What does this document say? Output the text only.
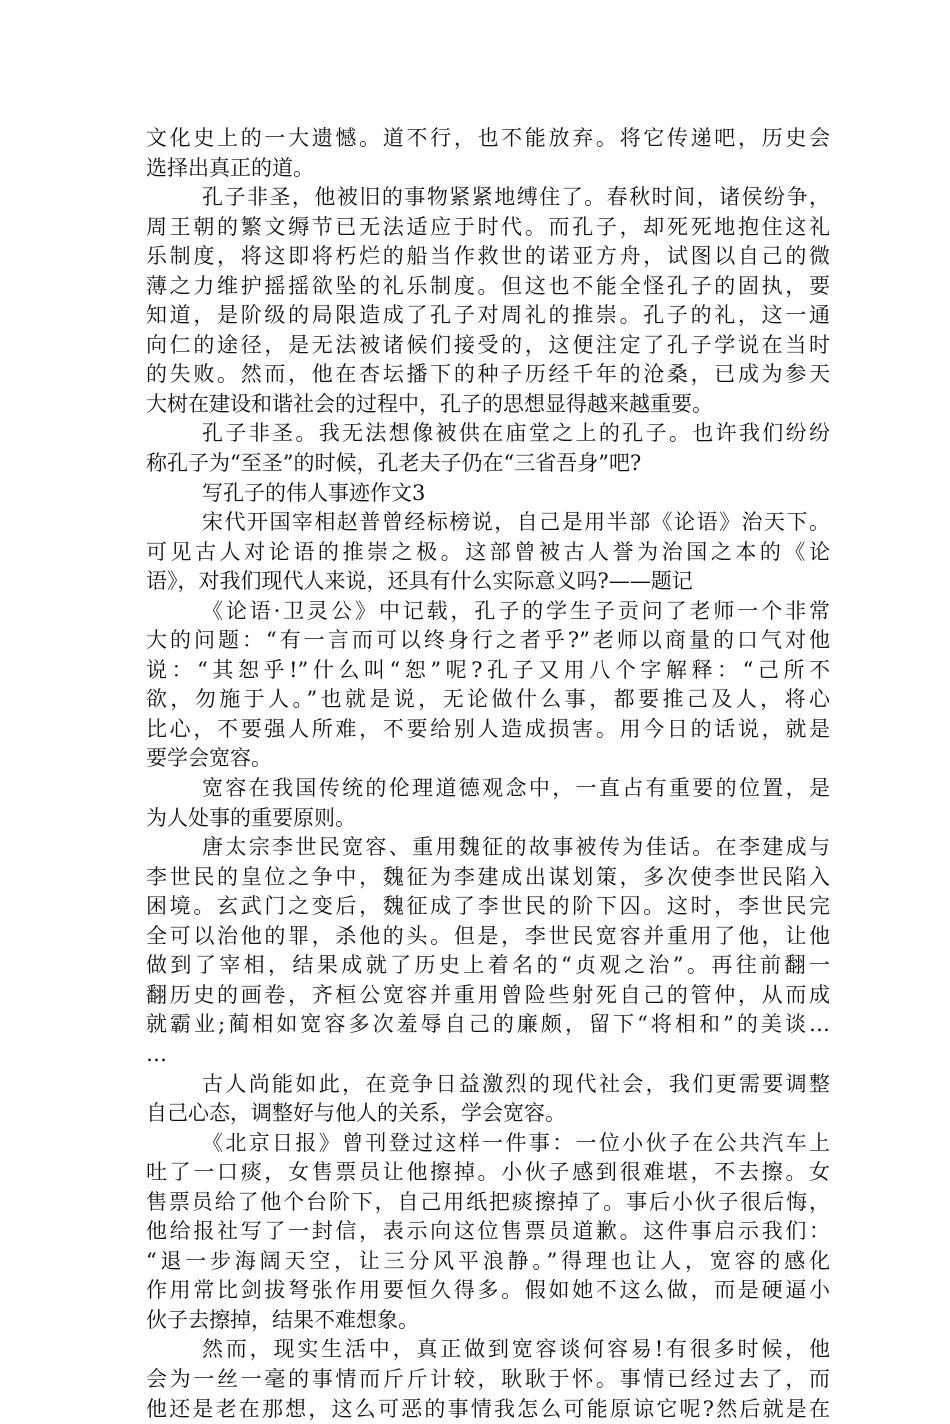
文化史上的一大遗憾。道不行，也不能放弃。将它传递吧，历史会
选择出真正的道。
孔子非圣，他被旧的事物紧紧地缚住了。春秋时间，诸侯纷争，
周王朝的繁文缛节已无法适应于时代。而孔子，却死死地抱住这礼
乐制度，将这即将朽烂的船当作救世的诺亚方舟，试图以自己的微
薄之力维护摇摇欲坠的礼乐制度。但这也不能全怪孔子的固执，要
知道，是阶级的局限造成了孔子对周礼的推崇。孔子的礼，这一通
向仁的途径，是无法被诸候们接受的，这便注定了孔子学说在当时
的失败。然而，他在杏坛播下的种子历经千年的沧桑，已成为参天
大树在建设和谐社会的过程中，孔子的思想显得越来越重要。
孔子非圣。我无法想像被供在庙堂之上的孔子。也许我们纷纷
称孔子为“至圣”的时候，孔老夫子仍在“三省吾身”吧?
写孔子的伟人事迹作文3
宋代开国宰相赵普曾经标榜说，自己是用半部《论语》治天下。
可见古人对论语的推崇之极。这部曾被古人誉为治国之本的《论
语》，对我们现代人来说，还具有什么实际意义吗?——题记
《论语·卫灵公》中记载，孔子的学生子贡问了老师一个非常
大的问题：“有一言而可以终身行之者乎?”老师以商量的口气对他
说：“其恕乎!”什么叫“恕”呢?孔子又用八个字解释：“己所不
欲，勿施于人。”也就是说，无论做什么事，都要推己及人，将心
比心，不要强人所难，不要给别人造成损害。用今日的话说，就是
要学会宽容。
宽容在我国传统的伦理道德观念中，一直占有重要的位置，是
为人处事的重要原则。
唐太宗李世民宽容、重用魏征的故事被传为佳话。在李建成与
李世民的皇位之争中，魏征为李建成出谋划策，多次使李世民陷入
困境。玄武门之变后，魏征成了李世民的阶下囚。这时，李世民完
全可以治他的罪，杀他的头。但是，李世民宽容并重用了他，让他
做到了宰相，结果成就了历史上着名的“贞观之治”。再往前翻一
翻历史的画卷，齐桓公宽容并重用曾险些射死自己的管仲，从而成
就霸业;蔺相如宽容多次羞辱自己的廉颇，留下“将相和”的美谈…
…
古人尚能如此，在竞争日益激烈的现代社会，我们更需要调整
自己心态，调整好与他人的关系，学会宽容。
《北京日报》曾刊登过这样一件事：一位小伙子在公共汽车上
吐了一口痰，女售票员让他擦掉。小伙子感到很难堪，不去擦。女
售票员给了他个台阶下，自己用纸把痰擦掉了。事后小伙子很后悔，
他给报社写了一封信，表示向这位售票员道歉。这件事启示我们：
“退一步海阔天空，让三分风平浪静。”得理也让人，宽容的感化
作用常比剑拔弩张作用要恒久得多。假如她不这么做，而是硬逼小
伙子去擦掉，结果不难想象。
然而，现实生活中，真正做到宽容谈何容易!有很多时候，他
会为一丝一毫的事情而斤斤计较，耿耿于怀。事情已经过去了，而
他还是老在那想，这么可恶的事情我怎么可能原谅它呢?然后就是在
